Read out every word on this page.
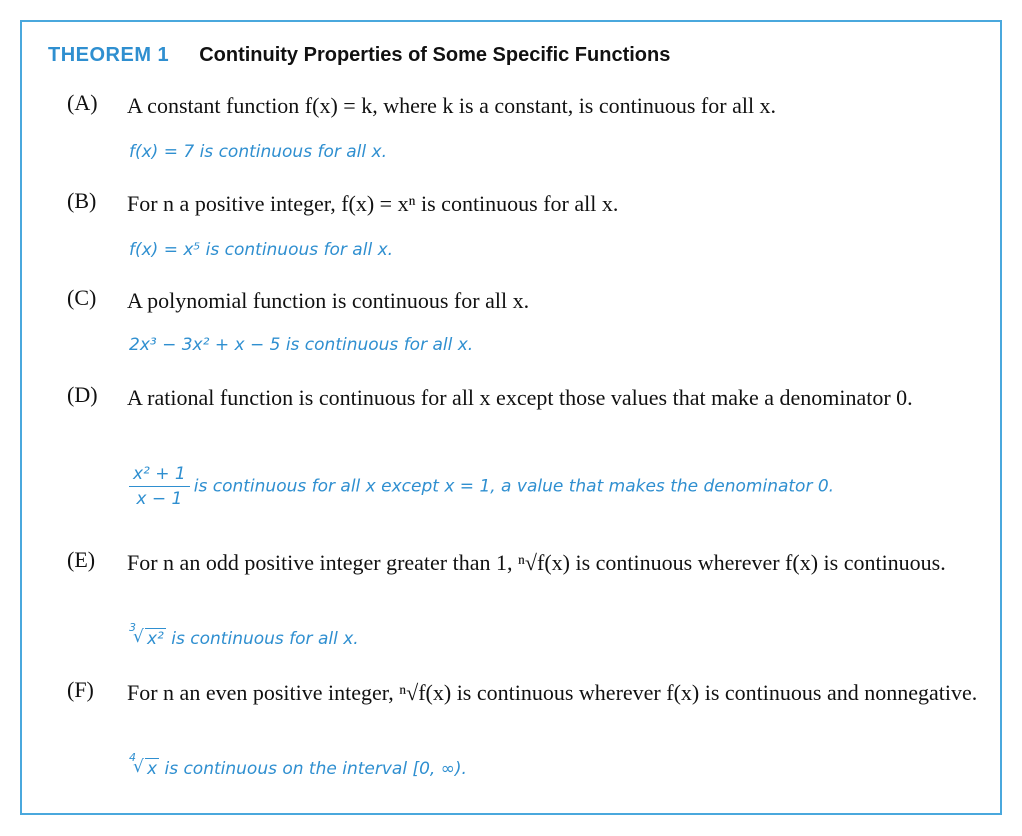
THEOREM 1 Continuity Properties of Some Specific Functions
(A) A constant function f(x) = k, where k is a constant, is continuous for all x.
f(x) = 7 is continuous for all x.
(B) For n a positive integer, f(x) = xⁿ is continuous for all x.
f(x) = x⁵ is continuous for all x.
(C) A polynomial function is continuous for all x.
2x³ − 3x² + x − 5 is continuous for all x.
(D) A rational function is continuous for all x except those values that make a denominator 0.
$\frac{\text{x² + 1}}{x - 1}$ is continuous for all x except x = 1, a value that makes the denominator 0.
(E) For n an odd positive integer greater than 1, ⁿ√f(x) is continuous wherever f(x) is continuous.
3
√ x² is continuous for all x.
(F) For n an even positive integer, ⁿ√f(x) is continuous wherever f(x) is continuous and nonnegative.
4
√ x is continuous on the interval [0, ∞).
